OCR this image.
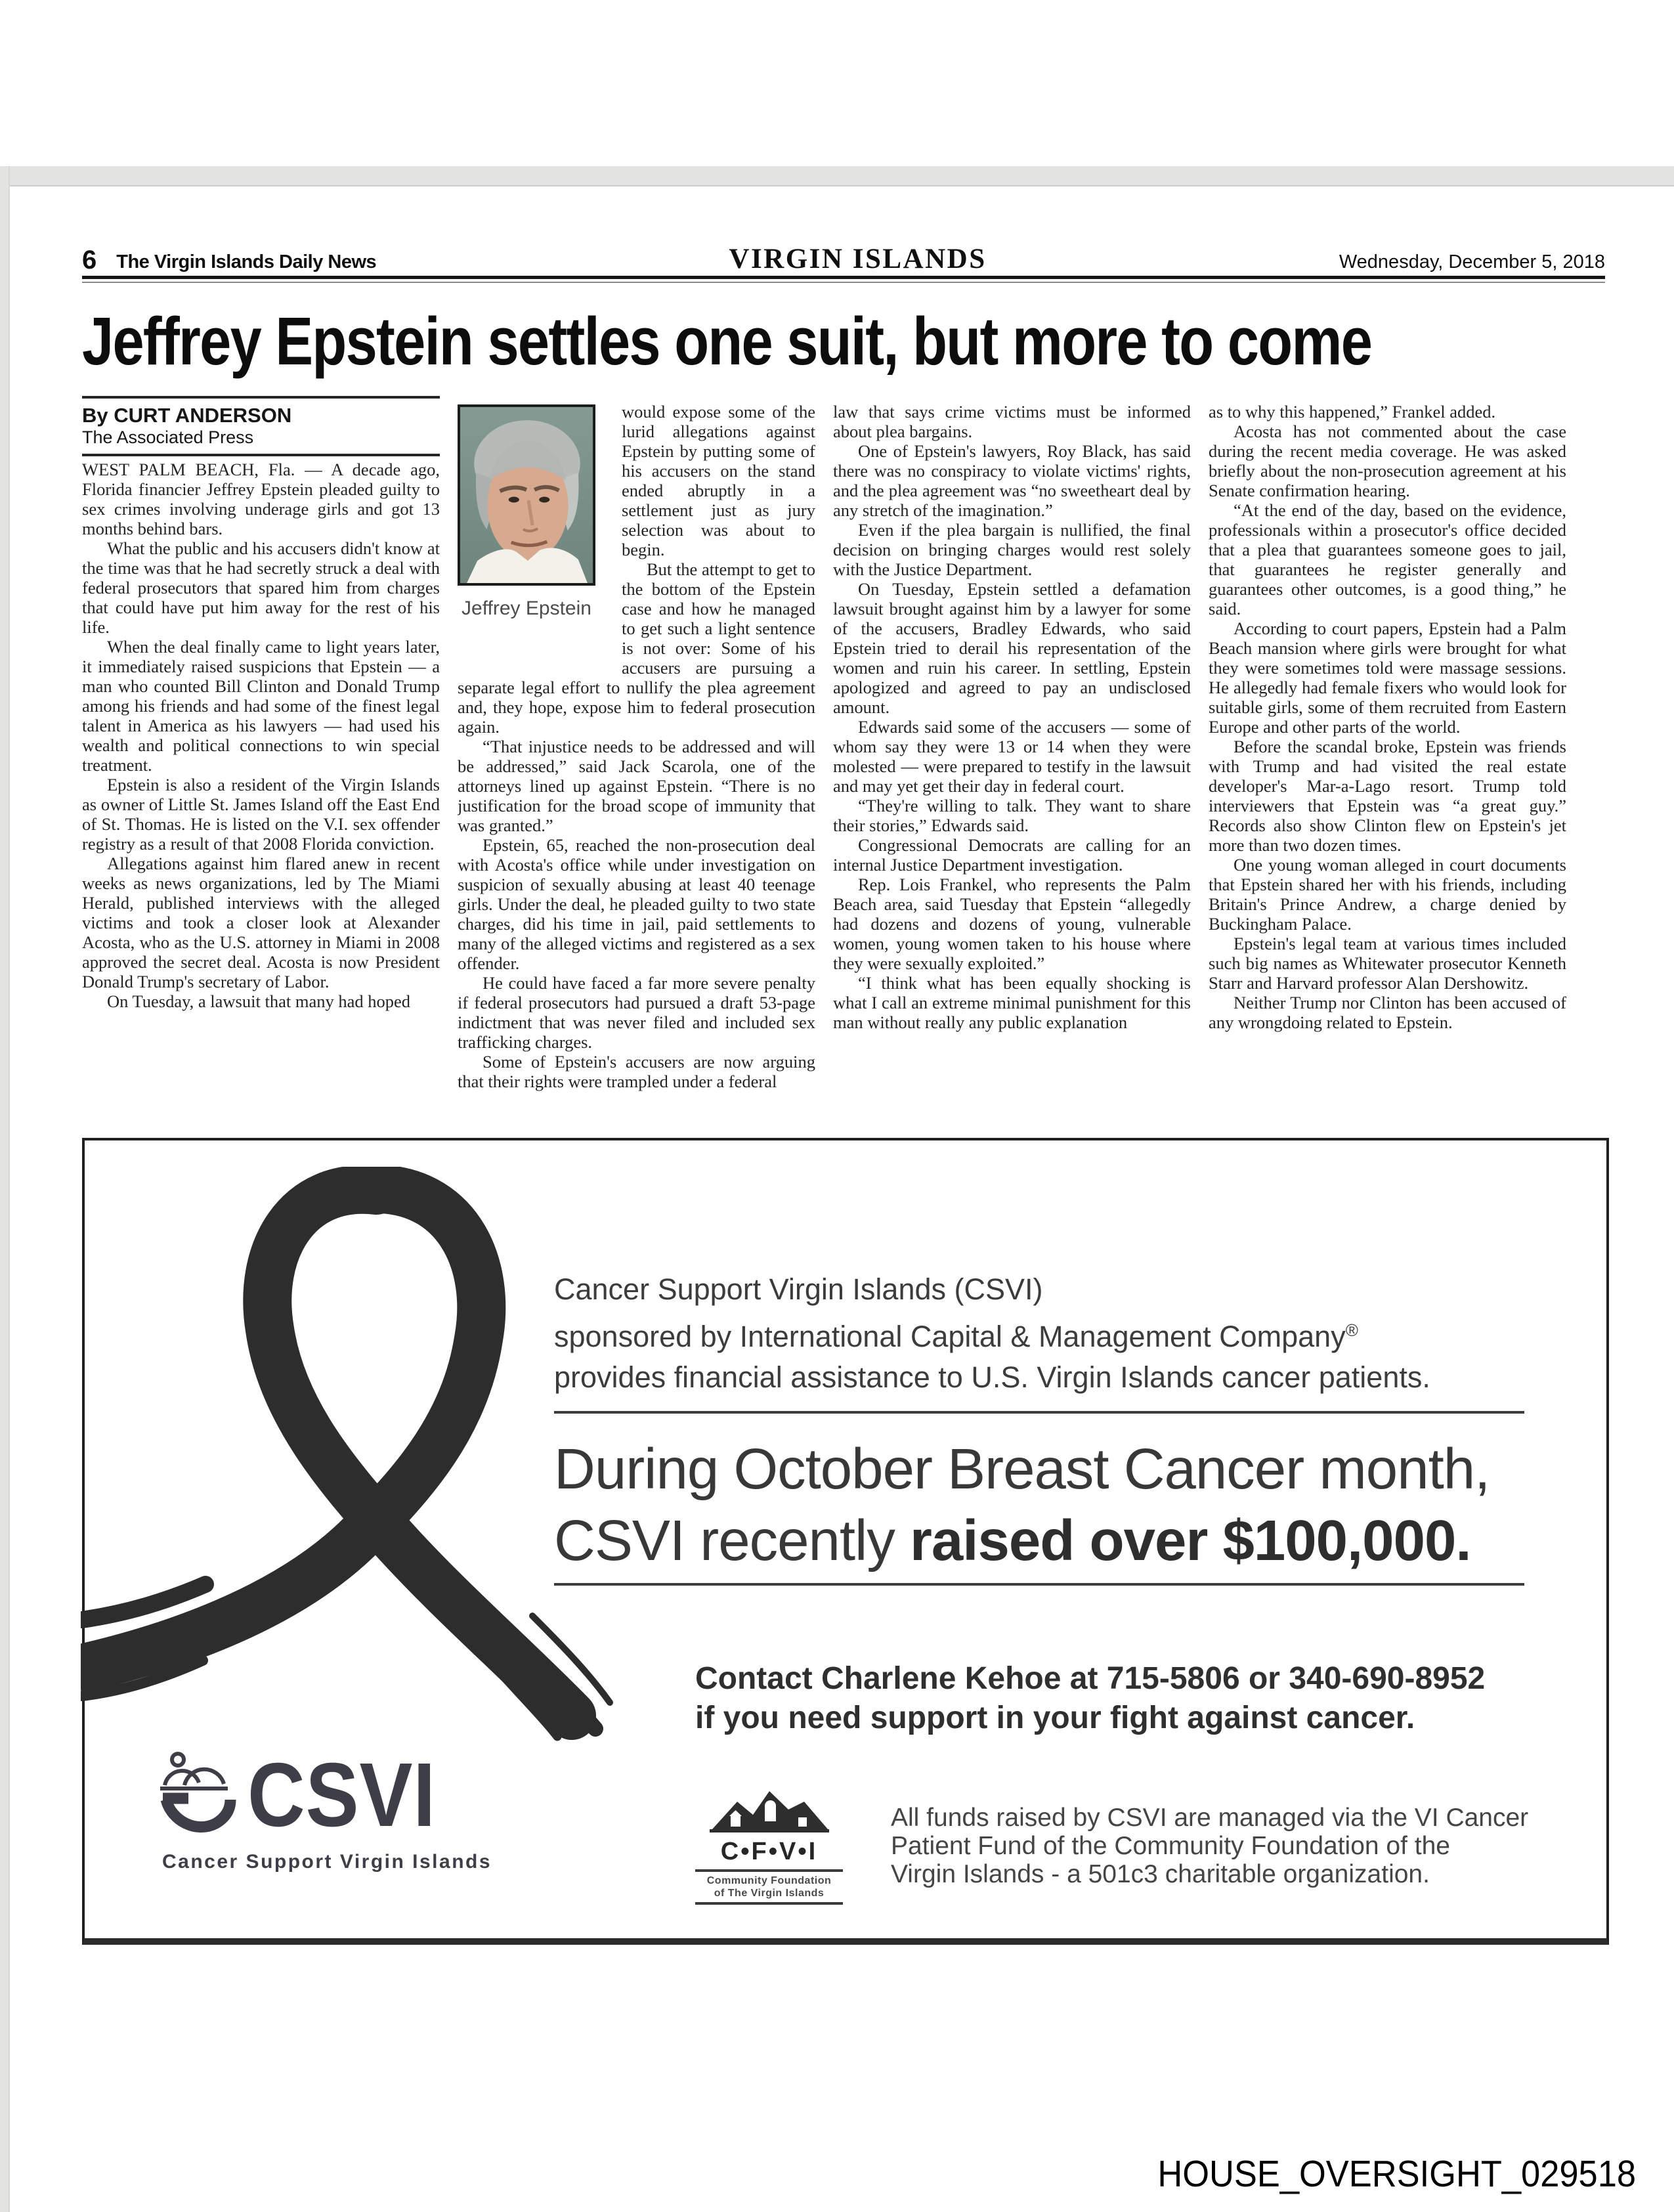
6 The Virgin Islands Daily News	VIRGIN ISLANDS	Wednesday, December 5, 2018
Jeffrey Epstein settles one suit, but more to come
By CURT ANDERSON
The Associated Press

WEST PALM BEACH, Fla. — A decade ago, Florida financier Jeffrey Epstein pleaded guilty to sex crimes involving underage girls and got 13 months behind bars.

What the public and his accusers didn't know at the time was that he had secretly struck a deal with federal prosecutors that spared him from charges that could have put him away for the rest of his life.

When the deal finally came to light years later, it immediately raised suspicions that Epstein — a man who counted Bill Clinton and Donald Trump among his friends and had some of the finest legal talent in America as his lawyers — had used his wealth and political connections to win special treatment.

Epstein is also a resident of the Virgin Islands as owner of Little St. James Island off the East End of St. Thomas. He is listed on the V.I. sex offender registry as a result of that 2008 Florida conviction.

Allegations against him flared anew in recent weeks as news organizations, led by The Miami Herald, published interviews with the alleged victims and took a closer look at Alexander Acosta, who as the U.S. attorney in Miami in 2008 approved the secret deal. Acosta is now President Donald Trump's secretary of Labor.

On Tuesday, a lawsuit that many had hoped

Jeffrey Epstein

would expose some of the lurid allegations against Epstein by putting some of his accusers on the stand ended abruptly in a settlement just as jury selection was about to begin.

But the attempt to get to the bottom of the Epstein case and how he managed to get such a light sentence is not over: Some of his accusers are pursuing a separate legal effort to nullify the plea agreement and, they hope, expose him to federal prosecution again.

“That injustice needs to be addressed and will be addressed,” said Jack Scarola, one of the attorneys lined up against Epstein. “There is no justification for the broad scope of immunity that was granted.”

Epstein, 65, reached the non-prosecution deal with Acosta's office while under investigation on suspicion of sexually abusing at least 40 teenage girls. Under the deal, he pleaded guilty to two state charges, did his time in jail, paid settlements to many of the alleged victims and registered as a sex offender.

He could have faced a far more severe penalty if federal prosecutors had pursued a draft 53-page indictment that was never filed and included sex trafficking charges.

Some of Epstein's accusers are now arguing that their rights were trampled under a federal

law that says crime victims must be informed about plea bargains.

One of Epstein's lawyers, Roy Black, has said there was no conspiracy to violate victims' rights, and the plea agreement was “no sweetheart deal by any stretch of the imagination.”

Even if the plea bargain is nullified, the final decision on bringing charges would rest solely with the Justice Department.

On Tuesday, Epstein settled a defamation lawsuit brought against him by a lawyer for some of the accusers, Bradley Edwards, who said Epstein tried to derail his representation of the women and ruin his career. In settling, Epstein apologized and agreed to pay an undisclosed amount.

Edwards said some of the accusers — some of whom say they were 13 or 14 when they were molested — were prepared to testify in the lawsuit and may yet get their day in federal court.

“They're willing to talk. They want to share their stories,” Edwards said.

Congressional Democrats are calling for an internal Justice Department investigation.

Rep. Lois Frankel, who represents the Palm Beach area, said Tuesday that Epstein “allegedly had dozens and dozens of young, vulnerable women, young women taken to his house where they were sexually exploited.”

“I think what has been equally shocking is what I call an extreme minimal punishment for this man without really any public explanation

as to why this happened,” Frankel added.

Acosta has not commented about the case during the recent media coverage. He was asked briefly about the non-prosecution agreement at his Senate confirmation hearing.

“At the end of the day, based on the evidence, professionals within a prosecutor's office decided that a plea that guarantees someone goes to jail, that guarantees he register generally and guarantees other outcomes, is a good thing,” he said.

According to court papers, Epstein had a Palm Beach mansion where girls were brought for what they were sometimes told were massage sessions. He allegedly had female fixers who would look for suitable girls, some of them recruited from Eastern Europe and other parts of the world.

Before the scandal broke, Epstein was friends with Trump and had visited the real estate developer's Mar-a-Lago resort. Trump told interviewers that Epstein was “a great guy.” Records also show Clinton flew on Epstein's jet more than two dozen times.

One young woman alleged in court documents that Epstein shared her with his friends, including Britain's Prince Andrew, a charge denied by Buckingham Palace.

Epstein's legal team at various times included such big names as Whitewater prosecutor Kenneth Starr and Harvard professor Alan Dershowitz.

Neither Trump nor Clinton has been accused of any wrongdoing related to Epstein.

Cancer Support Virgin Islands (CSVI)
sponsored by International Capital & Management Company®
provides financial assistance to U.S. Virgin Islands cancer patients.
During October Breast Cancer month,
CSVI recently raised over $100,000.
Contact Charlene Kehoe at 715-5806 or 340-690-8952
if you need support in your fight against cancer.
CSVI
Cancer Support Virgin Islands	C•F•V•I
Community Foundation
of The Virgin Islands
All funds raised by CSVI are managed via the VI Cancer
Patient Fund of the Community Foundation of the
Virgin Islands - a 501c3 charitable organization.
HOUSE_OVERSIGHT_029518
